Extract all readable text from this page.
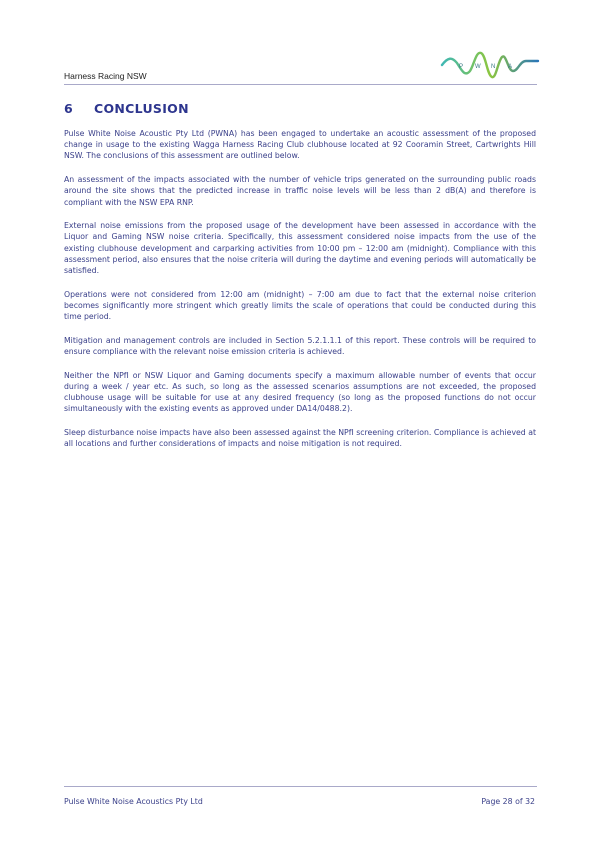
Harness Racing NSW
P W N A
6 CONCLUSION

Pulse White Noise Acoustic Pty Ltd (PWNA) has been engaged to undertake an acoustic assessment of the proposed change in usage to the existing Wagga Harness Racing Club clubhouse located at 92 Cooramin Street, Cartwrights Hill NSW. The conclusions of this assessment are outlined below.

An assessment of the impacts associated with the number of vehicle trips generated on the surrounding public roads around the site shows that the predicted increase in traffic noise levels will be less than 2 dB(A) and therefore is compliant with the NSW EPA RNP.

External noise emissions from the proposed usage of the development have been assessed in accordance with the Liquor and Gaming NSW noise criteria. Specifically, this assessment considered noise impacts from the use of the existing clubhouse development and carparking activities from 10:00 pm – 12:00 am (midnight). Compliance with this assessment period, also ensures that the noise criteria will during the daytime and evening periods will automatically be satisfied.

Operations were not considered from 12:00 am (midnight) – 7:00 am due to fact that the external noise criterion becomes significantly more stringent which greatly limits the scale of operations that could be conducted during this time period.

Mitigation and management controls are included in Section 5.2.1.1.1 of this report. These controls will be required to ensure compliance with the relevant noise emission criteria is achieved.

Neither the NPfI or NSW Liquor and Gaming documents specify a maximum allowable number of events that occur during a week / year etc. As such, so long as the assessed scenarios assumptions are not exceeded, the proposed clubhouse usage will be suitable for use at any desired frequency (so long as the proposed functions do not occur simultaneously with the existing events as approved under DA14/0488.2).

Sleep disturbance noise impacts have also been assessed against the NPfI screening criterion. Compliance is achieved at all locations and further considerations of impacts and noise mitigation is not required.

Pulse White Noise Acoustics Pty Ltd	Page 28 of 32
